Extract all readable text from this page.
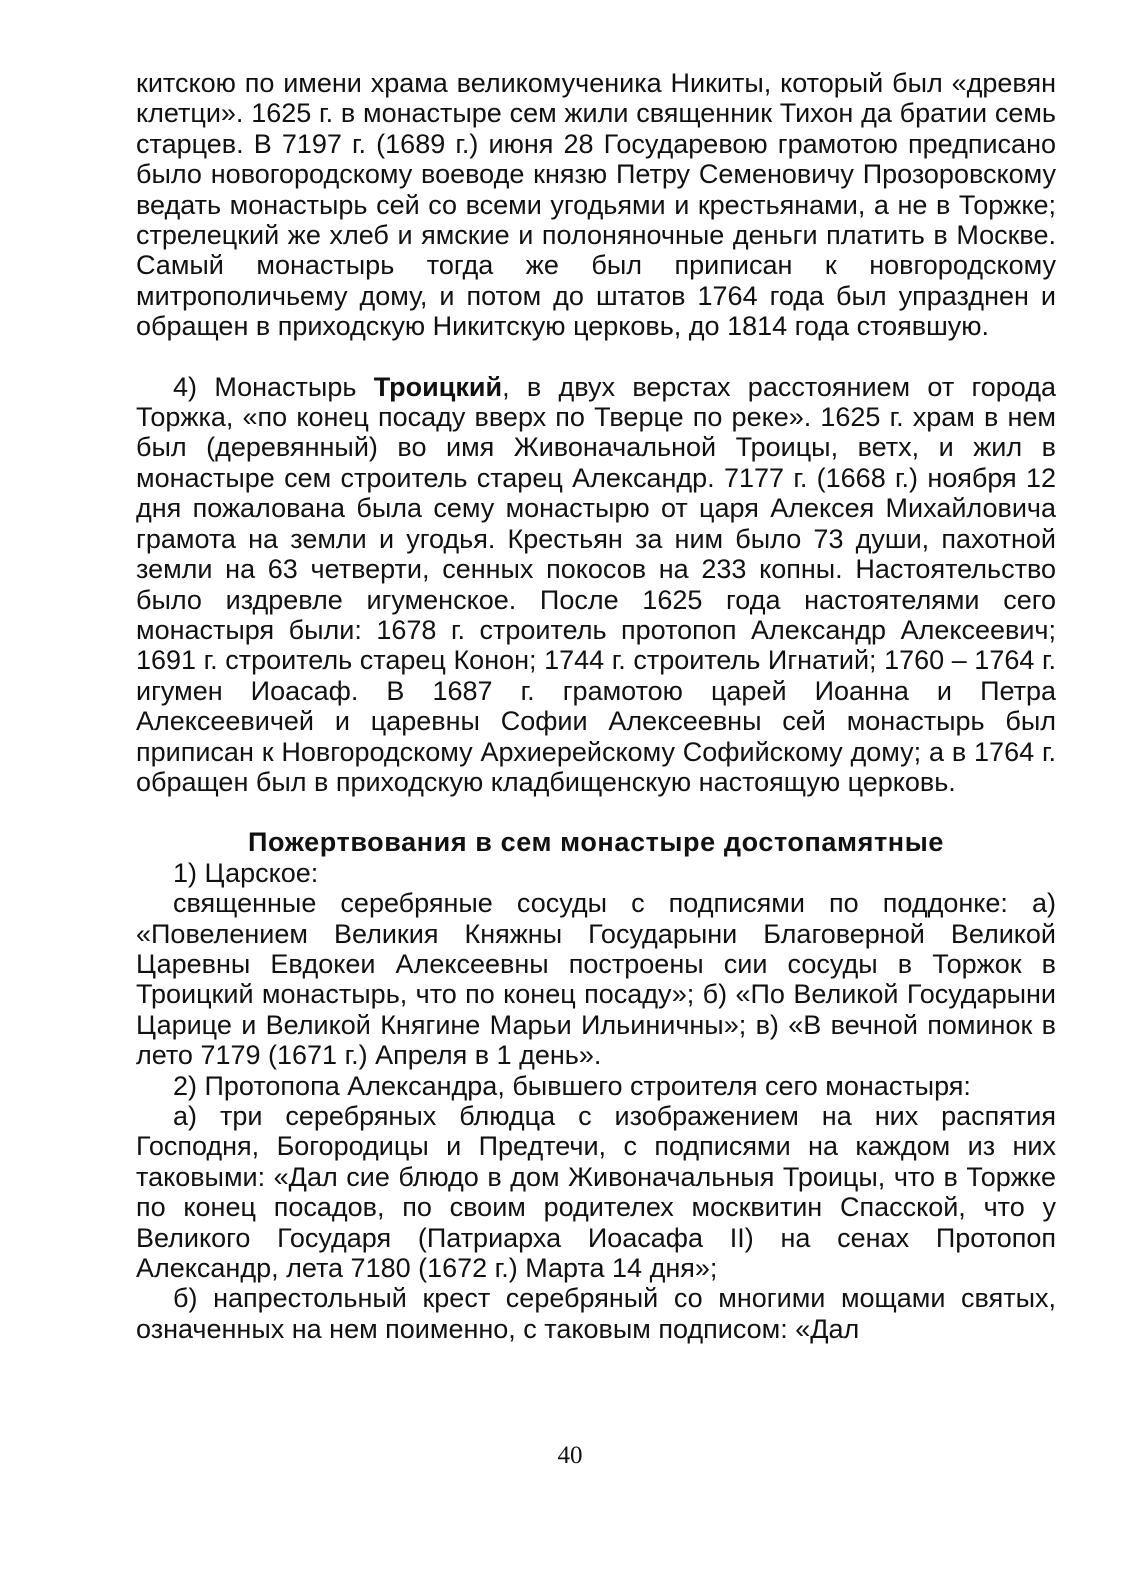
китскою по имени храма великомученика Никиты, который был «древян клетци». 1625 г. в монастыре сем жили священник Тихон да братии семь старцев. В 7197 г. (1689 г.) июня 28 Государевою грамотою предписано было новогородскому воеводе князю Петру Семеновичу Прозоровскому ведать монастырь сей со всеми угодьями и крестьянами, а не в Торжке; стрелецкий же хлеб и ямские и полоняночные деньги платить в Москве. Самый монастырь тогда же был приписан к новгородскому митрополичьему дому, и потом до штатов 1764 года был упразднен и обращен в приходскую Никитскую церковь, до 1814 года стоявшую.

4) Монастырь Троицкий, в двух верстах расстоянием от города Торжка, «по конец посаду вверх по Тверце по реке». 1625 г. храм в нем был (деревянный) во имя Живоначальной Троицы, ветх, и жил в монастыре сем строитель старец Александр. 7177 г. (1668 г.) ноября 12 дня пожалована была сему монастырю от царя Алексея Михайловича грамота на земли и угодья. Крестьян за ним было 73 души, пахотной земли на 63 четверти, сенных покосов на 233 копны. Настоятельство было издревле игуменское. После 1625 года настоятелями сего монастыря были: 1678 г. строитель протопоп Александр Алексеевич; 1691 г. строитель старец Конон; 1744 г. строитель Игнатий; 1760 – 1764 г. игумен Иоасаф. В 1687 г. грамотою царей Иоанна и Петра Алексеевичей и царевны Софии Алексеевны сей монастырь был приписан к Новгородскому Архиерейскому Софийскому дому; а в 1764 г. обращен был в приходскую кладбищенскую настоящую церковь.

Пожертвования в сем монастыре достопамятные

1) Царское:

священные серебряные сосуды с подписями по поддонке: а) «Повелением Великия Княжны Государыни Благоверной Великой Царевны Евдокеи Алексеевны построены сии сосуды в Торжок в Троицкий монастырь, что по конец посаду»; б) «По Великой Государыни Царице и Великой Княгине Марьи Ильиничны»; в) «В вечной поминок в лето 7179 (1671 г.) Апреля в 1 день».

2) Протопопа Александра, бывшего строителя сего монастыря:

а) три серебряных блюдца с изображением на них распятия Господня, Богородицы и Предтечи, с подписями на каждом из них таковыми: «Дал сие блюдо в дом Живоначальныя Троицы, что в Торжке по конец посадов, по своим родителех москвитин Спасской, что у Великого Государя (Патриарха Иоасафа II) на сенах Протопоп Александр, лета 7180 (1672 г.) Марта 14 дня»;

б) напрестольный крест серебряный со многими мощами святых, означенных на нем поименно, с таковым подписом: «Дал

40
